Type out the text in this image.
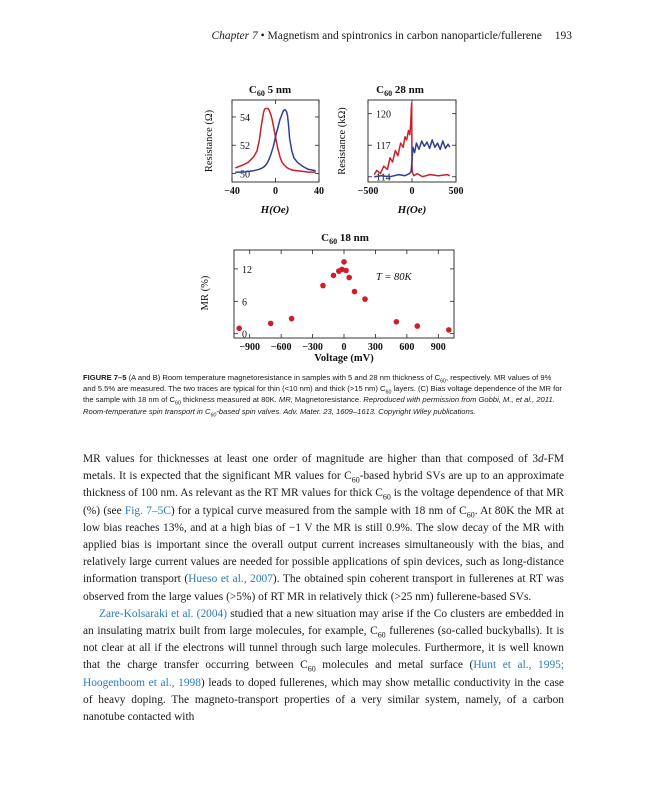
Chapter 7 • Magnetism and spintronics in carbon nanoparticle/fullerene 193
$C_{60}$ 5 nm
50
52
54
−40	0	40
H(Oe)
Resistance (Ω)
$C_{60}$ 28 nm
114
117
120
−500	0	500
H(Oe)
Resistance (kΩ)
$C_{60}$ 18 nm
0
6
12
−900 −600 −300 0 300 600 900
T = 80K
Voltage (mV)
MR (%)
FIGURE 7–5 (A and B) Room temperature magnetoresistance in samples with 5 and 28 nm thickness of $C_{60}$, respectively. MR values of 9% and 5.5% are measured. The two traces are typical for thin (<10 nm) and thick (>15 nm) $C_{60}$ layers. (C) Bias voltage dependence of the MR for the sample with 18 nm of $C_{60}$ thickness measured at 80K. MR, Magnetoresistance. Reproduced with permission from Gobbi, M., et al., 2011. Room-temperature spin transport in $C_{60}$-based spin valves. Adv. Mater. 23, 1609–1613. Copyright Wiley publications.

MR values for thicknesses at least one order of magnitude are higher than that composed of 3d-FM metals. It is expected that the significant MR values for $C_{60}$-based hybrid SVs are up to an approximate thickness of 100 nm. As relevant as the RT MR values for thick $C_{60}$ is the voltage dependence of that MR (%) (see Fig. 7–5C) for a typical curve measured from the sample with 18 nm of $C_{60}$. At 80K the MR at low bias reaches 13%, and at a high bias of −1 V the MR is still 0.9%. The slow decay of the MR with applied bias is important since the overall output current increases simultaneously with the bias, and relatively large current values are needed for possible applications of spin devices, such as long-distance information transport (Hueso et al., 2007). The obtained spin coherent transport in fullerenes at RT was observed from the large values (>5%) of RT MR in relatively thick (>25 nm) fullerene-based SVs.

Zare-Kolsaraki et al. (2004) studied that a new situation may arise if the Co clusters are embedded in an insulating matrix built from large molecules, for example, $C_{60}$ fullerenes (so-called buckyballs). It is not clear at all if the electrons will tunnel through such large molecules. Furthermore, it is well known that the charge transfer occurring between $C_{60}$ molecules and metal surface (Hunt et al., 1995; Hoogenboom et al., 1998) leads to doped fullerenes, which may show metallic conductivity in the case of heavy doping. The magneto-transport properties of a very similar system, namely, of a carbon nanotube contacted with
